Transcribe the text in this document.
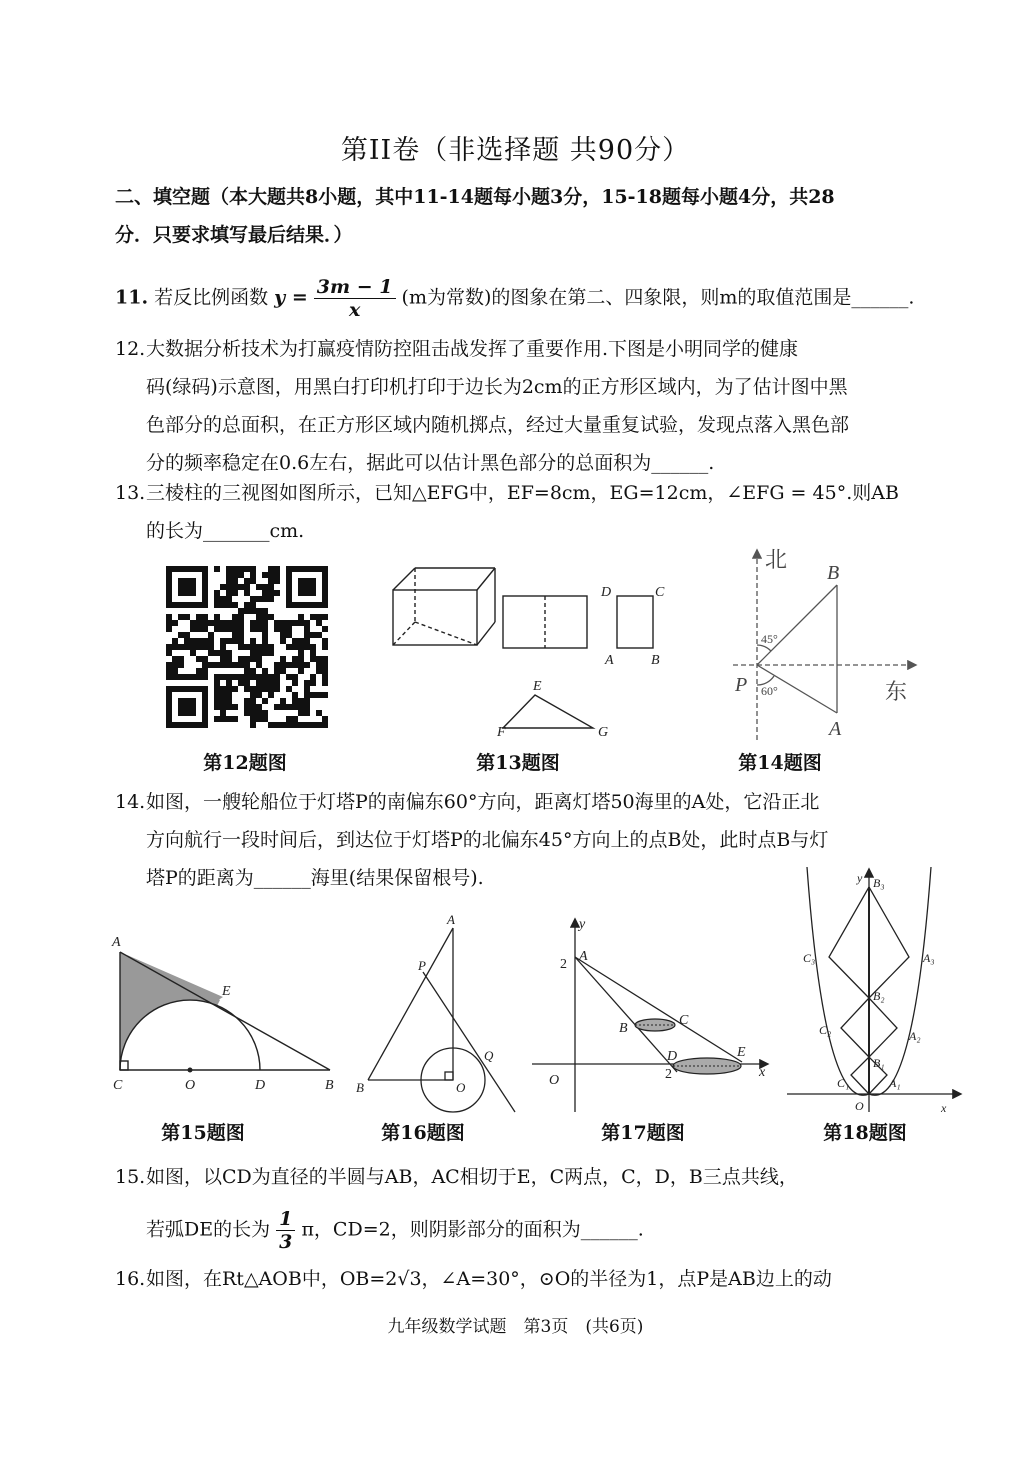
第II卷（非选择题 共90分）
二、填空题（本大题共8小题，其中11-14题每小题3分，15-18题每小题4分，共28
分．只要求填写最后结果．）
11. 若反比例函数 $y = \frac{3m - 1}{x} (m$为常数)的图象在第二、四象限，则m的取值范围是______.
12. 大数据分析技术为打赢疫情防控阻击战发挥了重要作用.下图是小明同学的健康
码(绿码)示意图，用黑白打印机打印于边长为2cm的正方形区域内，为了估计图中黑
色部分的总面积，在正方形区域内随机掷点，经过大量重复试验，发现点落入黑色部
分的频率稳定在0.6左右，据此可以估计黑色部分的总面积为______.
13. 三棱柱的三视图如图所示，已知△EFG中，EF=8cm，EG=12cm，∠EFG = 45°.则AB
的长为_______cm.
D	C
A	B
E
F	G
北
东
P
B
A
45°
60°
第12题图	第13题图	第14题图
14. 如图，一艘轮船位于灯塔P的南偏东60°方向，距离灯塔50海里的A处，它沿正北
方向航行一段时间后，到达位于灯塔P的北偏东45°方向上的点B处，此时点B与灯
塔P的距离为______海里(结果保留根号).
A
C	O	D	B
E
A
P
Q
B	O
y
x
A
2
2
O
B
C
D	E
y
x
O
B₃
C₃	A₃
B₂
C₂	A₂
B₁
C₁	A₁
第15题图	第16题图	第17题图	第18题图
15. 如图，以CD为直径的半圆与AB，AC相切于E，C两点，C，D，B三点共线，
若弧DE的长为 $\frac{1}{3}$ π，CD=2，则阴影部分的面积为______.
16. 如图，在Rt△AOB中，OB=2√3，∠A=30°，⊙O的半径为1，点P是AB边上的动
九年级数学试题　第3页　(共6页)
